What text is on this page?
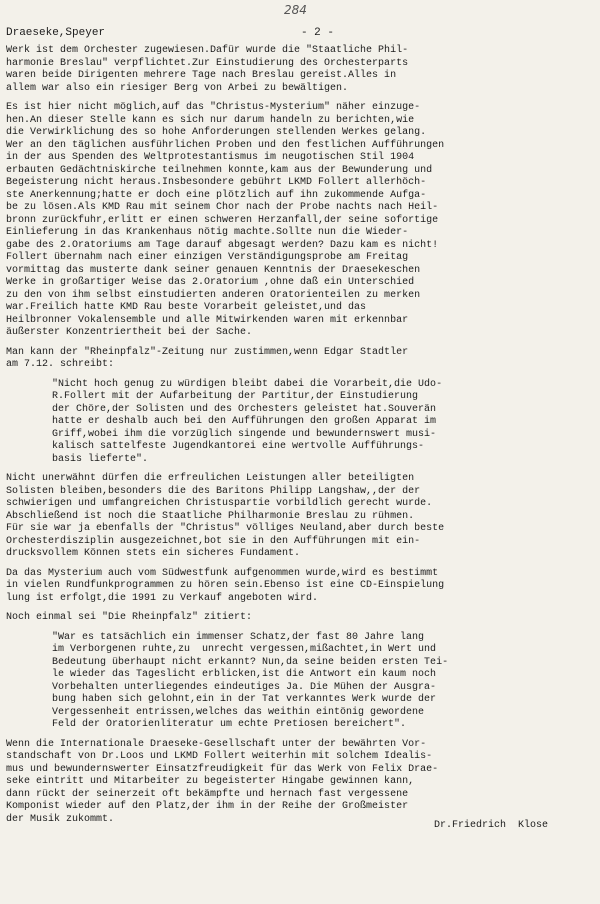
284
Draeseke,Speyer	- 2 -
Werk ist dem Orchester zugewiesen.Dafür wurde die "Staatliche Phil-
harmonie Breslau" verpflichtet.Zur Einstudierung des Orchesterparts
waren beide Dirigenten mehrere Tage nach Breslau gereist.Alles in
allem war also ein riesiger Berg von Arbei zu bewältigen.
Es ist hier nicht möglich,auf das "Christus-Mysterium" näher einzuge-
hen.An dieser Stelle kann es sich nur darum handeln zu berichten,wie
die Verwirklichung des so hohe Anforderungen stellenden Werkes gelang.
Wer an den täglichen ausführlichen Proben und den festlichen Aufführungen
in der aus Spenden des Weltprotestantismus im neugotischen Stil 1904
erbauten Gedächtniskirche teilnehmen konnte,kam aus der Bewunderung und
Begeisterung nicht heraus.Insbesondere gebührt LKMD Follert allerhöch-
ste Anerkennung;hatte er doch eine plötzlich auf ihn zukommende Aufga-
be zu lösen.Als KMD Rau mit seinem Chor nach der Probe nachts nach Heil-
bronn zurückfuhr,erlitt er einen schweren Herzanfall,der seine sofortige
Einlieferung in das Krankenhaus nötig machte.Sollte nun die Wieder-
gabe des 2.Oratoriums am Tage darauf abgesagt werden? Dazu kam es nicht!
Follert übernahm nach einer einzigen Verständigungsprobe am Freitag
vormittag das musterte dank seiner genauen Kenntnis der Draesekeschen
Werke in großartiger Weise das 2.Oratorium ,ohne daß ein Unterschied
zu den von ihm selbst einstudierten anderen Oratorienteilen zu merken
war.Freilich hatte KMD Rau beste Vorarbeit geleistet,und das
Heilbronner Vokalensemble und alle Mitwirkenden waren mit erkennbar
äußerster Konzentriertheit bei der Sache.
Man kann der "Rheinpfalz"-Zeitung nur zustimmen,wenn Edgar Stadtler
am 7.12. schreibt:
"Nicht hoch genug zu würdigen bleibt dabei die Vorarbeit,die Udo-
R.Follert mit der Aufarbeitung der Partitur,der Einstudierung
der Chöre,der Solisten und des Orchesters geleistet hat.Souverän
hatte er deshalb auch bei den Aufführungen den großen Apparat im
Griff,wobei ihm die vorzüglich singende und bewundernswert musi-
kalisch sattelfeste Jugendkantorei eine wertvolle Aufführungs-
basis lieferte".
Nicht unerwähnt dürfen die erfreulichen Leistungen aller beteiligten
Solisten bleiben,besonders die des Baritons Philipp Langshaw,,der der
schwierigen und umfangreichen Christuspartie vorbildlich gerecht wurde.
Abschließend ist noch die Staatliche Philharmonie Breslau zu rühmen.
Für sie war ja ebenfalls der "Christus" völliges Neuland,aber durch beste
Orchesterdisziplin ausgezeichnet,bot sie in den Aufführungen mit ein-
drucksvollem Können stets ein sicheres Fundament.
Da das Mysterium auch vom Südwestfunk aufgenommen wurde,wird es bestimmt
in vielen Rundfunkprogrammen zu hören sein.Ebenso ist eine CD-Einspielung
lung ist erfolgt,die 1991 zu Verkauf angeboten wird.
Noch einmal sei "Die Rheinpfalz" zitiert:
"War es tatsächlich ein immenser Schatz,der fast 80 Jahre lang
im Verborgenen ruhte,zu  unrecht vergessen,mißachtet,in Wert und
Bedeutung überhaupt nicht erkannt? Nun,da seine beiden ersten Tei-
le wieder das Tageslicht erblicken,ist die Antwort ein kaum noch
Vorbehalten unterliegendes eindeutiges Ja. Die Mühen der Ausgra-
bung haben sich gelohnt,ein in der Tat verkanntes Werk wurde der
Vergessenheit entrissen,welches das weithin eintönig gewordene
Feld der Oratorienliteratur um echte Pretiosen bereichert".
Wenn die Internationale Draeseke-Gesellschaft unter der bewährten Vor-
standschaft von Dr.Loos und LKMD Follert weiterhin mit solchem Idealis-
mus und bewundernswerter Einsatzfreudigkeit für das Werk von Felix Drae-
seke eintritt und Mitarbeiter zu begeisterter Hingabe gewinnen kann,
dann rückt der seinerzeit oft bekämpfte und hernach fast vergessene
Komponist wieder auf den Platz,der ihm in der Reihe der Großmeister
der Musik zukommt.
Dr.Friedrich  Klose
